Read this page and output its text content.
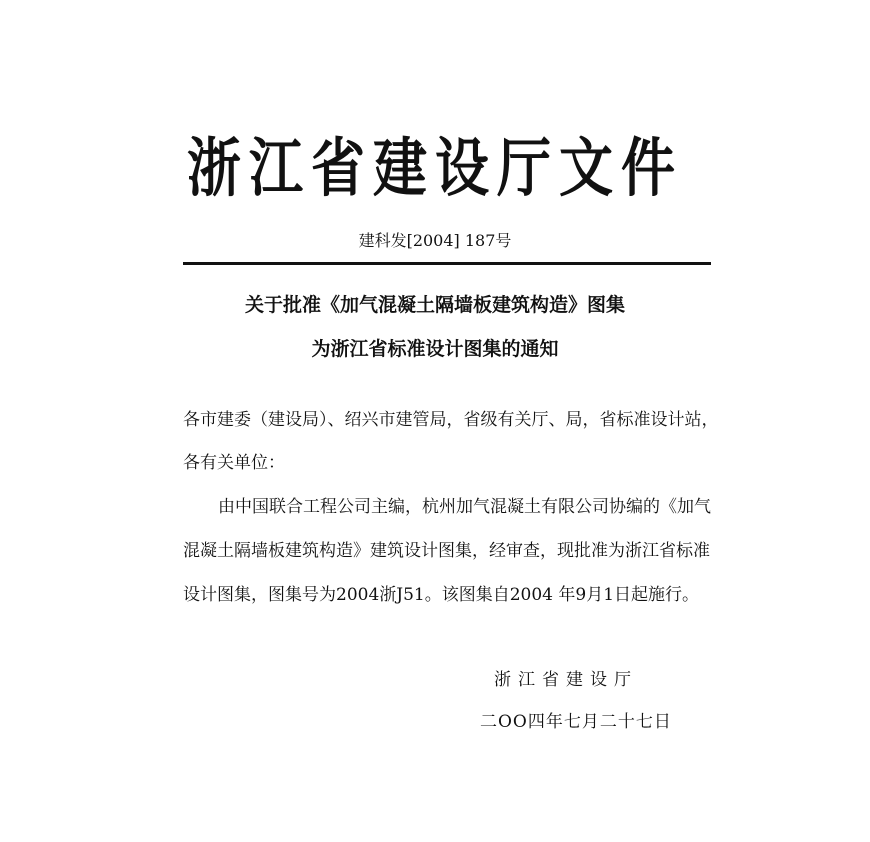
浙江省建设厅文件
建科发[2004] 187号
关于批准《加气混凝土隔墙板建筑构造》图集
为浙江省标准设计图集的通知
各市建委（建设局）、绍兴市建管局，省级有关厅、局，省标准设计站，
各有关单位：
由中国联合工程公司主编，杭州加气混凝土有限公司协编的《加气
混凝土隔墙板建筑构造》建筑设计图集，经审查，现批准为浙江省标准
设计图集，图集号为2004浙J51。该图集自2004 年9月1日起施行。
浙江省建设厅
二OO四年七月二十七日
